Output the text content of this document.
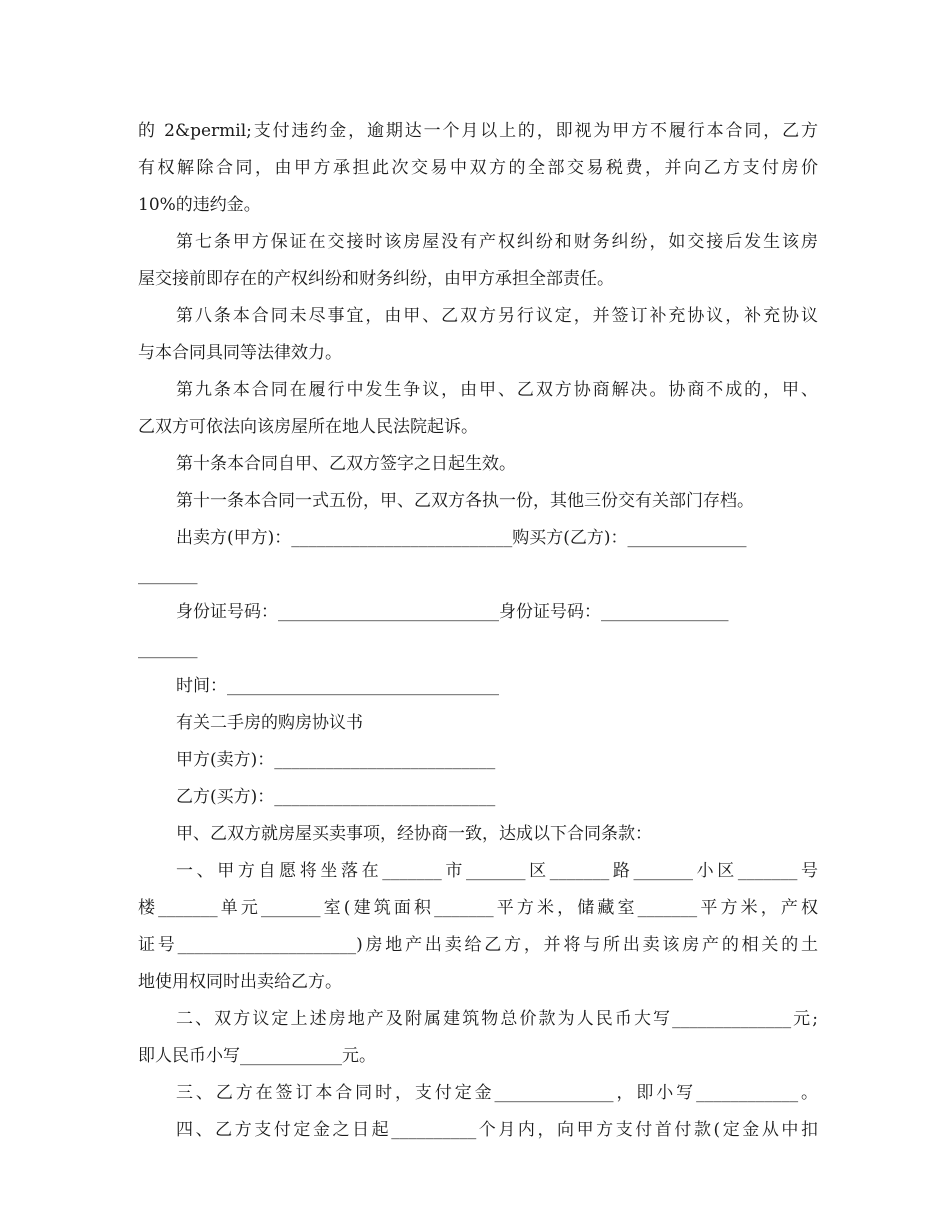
的 2&permil;支付违约金，逾期达一个月以上的，即视为甲方不履行本合同，乙方
有权解除合同，由甲方承担此次交易中双方的全部交易税费，并向乙方支付房价
10%的违约金。
第七条甲方保证在交接时该房屋没有产权纠纷和财务纠纷，如交接后发生该房
屋交接前即存在的产权纠纷和财务纠纷，由甲方承担全部责任。
第八条本合同未尽事宜，由甲、乙双方另行议定，并签订补充协议，补充协议
与本合同具同等法律效力。
第九条本合同在履行中发生争议，由甲、乙双方协商解决。协商不成的，甲、
乙双方可依法向该房屋所在地人民法院起诉。
第十条本合同自甲、乙双方签字之日起生效。
第十一条本合同一式五份，甲、乙双方各执一份，其他三份交有关部门存档。
出卖方(甲方)：__________________________购买方(乙方)：______________
_______
身份证号码：__________________________身份证号码：_______________
_______
时间：________________________________
有关二手房的购房协议书
甲方(卖方)：__________________________
乙方(买方)：__________________________
甲、乙双方就房屋买卖事项，经协商一致，达成以下合同条款：
一、甲方自愿将坐落在_______市_______区_______路_______小区_______号
楼_______单元_______室(建筑面积_______平方米，储藏室_______平方米，产权
证号_____________________)房地产出卖给乙方，并将与所出卖该房产的相关的土
地使用权同时出卖给乙方。
二、双方议定上述房地产及附属建筑物总价款为人民币大写______________元;
即人民币小写____________元。
三、乙方在签订本合同时，支付定金______________，即小写____________。
四、乙方支付定金之日起__________个月内，向甲方支付首付款(定金从中扣
